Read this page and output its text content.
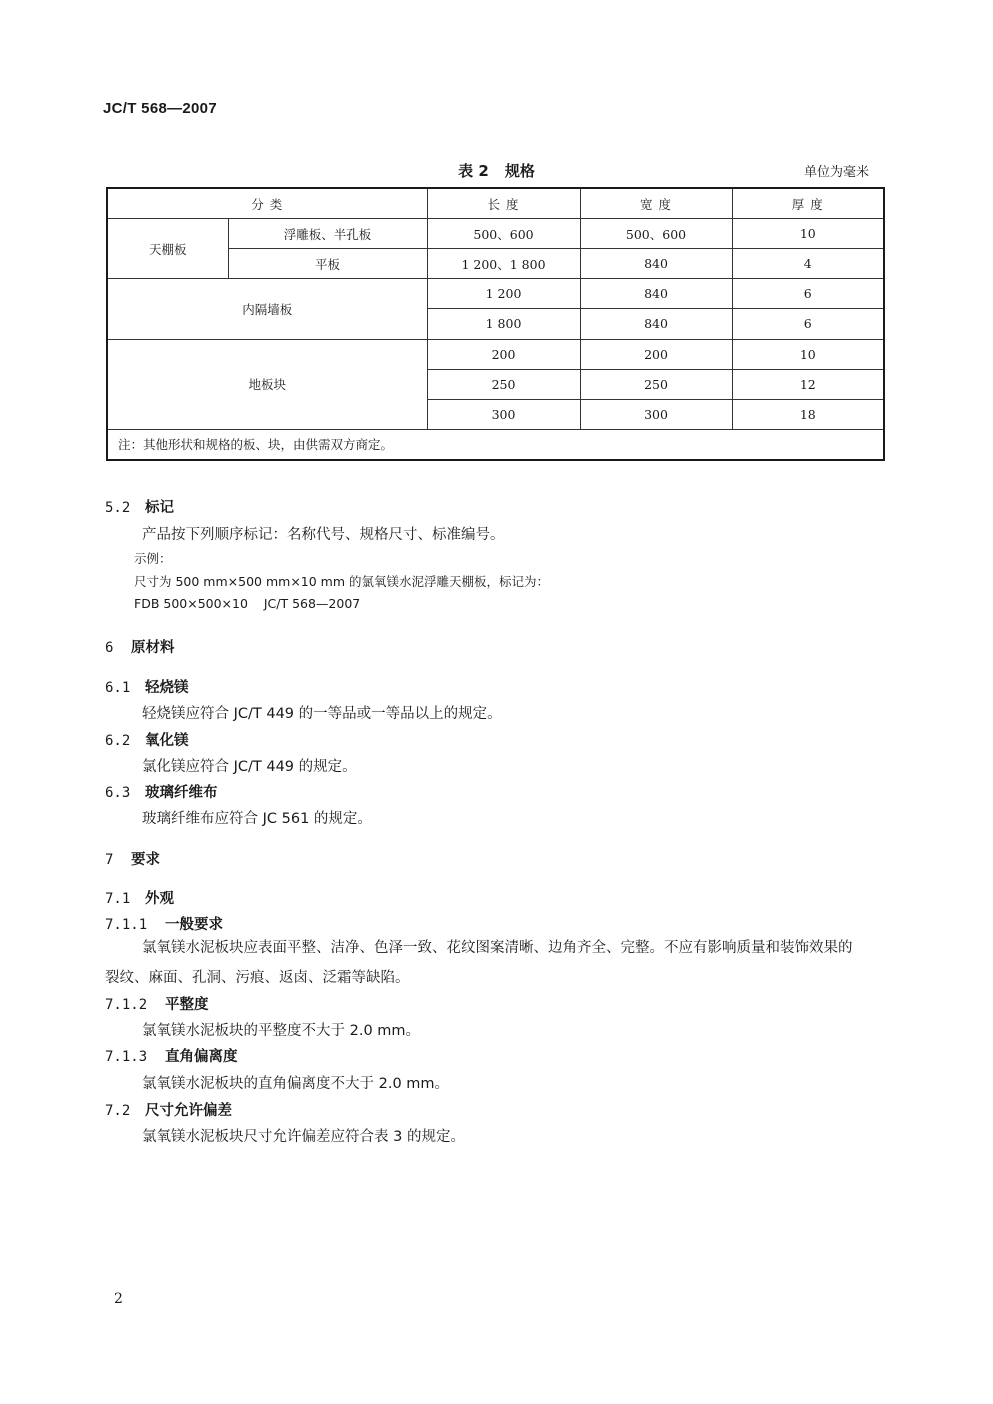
JC/T 568—2007
表 2 规格	单位为毫米
分 类		长 度	宽 度	厚 度
天棚板	浮雕板、半孔板	500、600	500、600	10
	平板	1 200、1 800	840	4
内隔墙板		1 200	840	6
		1 800	840	6
地板块		200	200	10
		250	250	12
		300	300	18
注：其他形状和规格的板、块，由供需双方商定。				
5.2 标记
产品按下列顺序标记：名称代号、规格尺寸、标准编号。
示例：
尺寸为 500 mm×500 mm×10 mm 的氯氧镁水泥浮雕天棚板，标记为：
FDB 500×500×10    JC/T 568—2007
6 原材料
6.1 轻烧镁
轻烧镁应符合 JC/T 449 的一等品或一等品以上的规定。
6.2 氧化镁
氯化镁应符合 JC/T 449 的规定。
6.3 玻璃纤维布
玻璃纤维布应符合 JC 561 的规定。
7 要求
7.1 外观
7.1.1 一般要求
氯氧镁水泥板块应表面平整、洁净、色泽一致、花纹图案清晰、边角齐全、完整。不应有影响质量和装饰效果的裂纹、麻面、孔洞、污痕、返卤、泛霜等缺陷。
7.1.2 平整度
氯氧镁水泥板块的平整度不大于 2.0 mm。
7.1.3 直角偏离度
氯氧镁水泥板块的直角偏离度不大于 2.0 mm。
7.2 尺寸允许偏差
氯氧镁水泥板块尺寸允许偏差应符合表 3 的规定。
2
